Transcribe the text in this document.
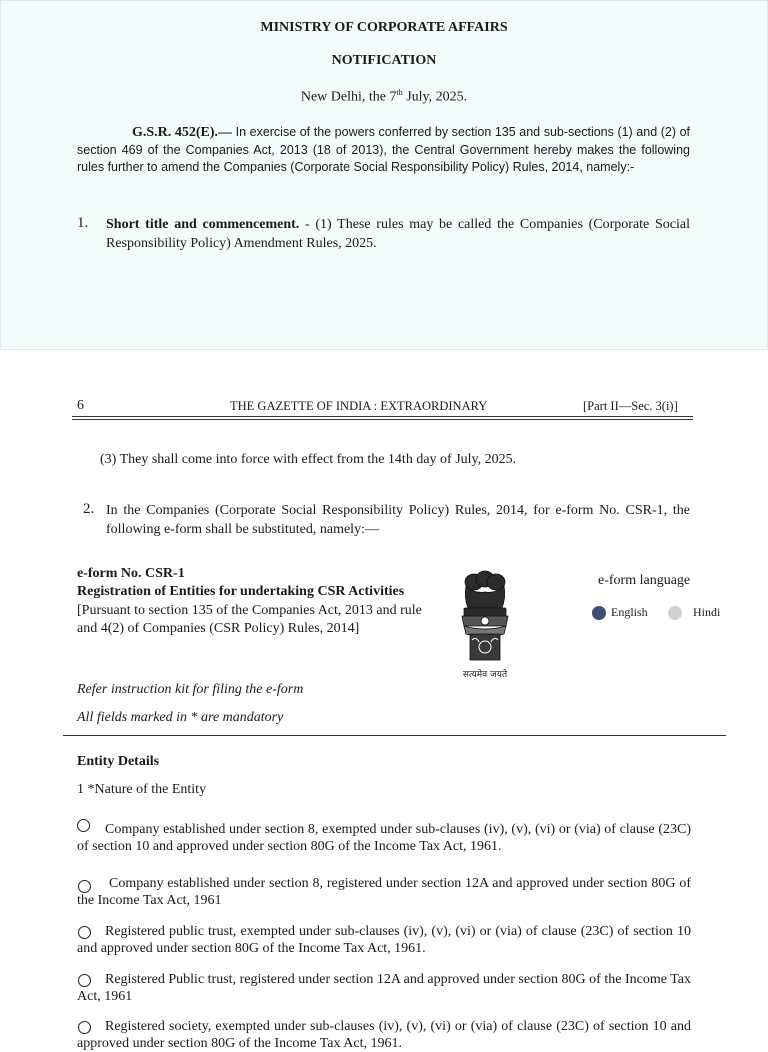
MINISTRY OF CORPORATE AFFAIRS
NOTIFICATION
New Delhi, the 7th July, 2025.
G.S.R. 452(E).— In exercise of the powers conferred by section 135 and sub-sections (1) and (2) of section 469 of the Companies Act, 2013 (18 of 2013), the Central Government hereby makes the following rules further to amend the Companies (Corporate Social Responsibility Policy) Rules, 2014, namely:-
1. Short title and commencement. - (1) These rules may be called the Companies (Corporate Social Responsibility Policy) Amendment Rules, 2025.
6	THE GAZETTE OF INDIA : EXTRAORDINARY	[Part II—Sec. 3(i)]
(3) They shall come into force with effect from the 14th day of July, 2025.
2. In the Companies (Corporate Social Responsibility Policy) Rules, 2014, for e-form No. CSR-1, the following e-form shall be substituted, namely:—
e-form No. CSR-1
Registration of Entities for undertaking CSR Activities
[Pursuant to section 135 of the Companies Act, 2013 and rule and 4(2) of Companies (CSR Policy) Rules, 2014]
सत्यमेव जयते
e-form language
English	Hindi
Refer instruction kit for filing the e-form
All fields marked in * are mandatory
Entity Details
1 *Nature of the Entity
Company established under section 8, exempted under sub-clauses (iv), (v), (vi) or (via) of clause (23C) of section 10 and approved under section 80G of the Income Tax Act, 1961.
Company established under section 8, registered under section 12A and approved under section 80G of the Income Tax Act, 1961
Registered public trust, exempted under sub-clauses (iv), (v), (vi) or (via) of clause (23C) of section 10 and approved under section 80G of the Income Tax Act, 1961.
Registered Public trust, registered under section 12A and approved under section 80G of the Income Tax Act, 1961
Registered society, exempted under sub-clauses (iv), (v), (vi) or (via) of clause (23C) of section 10 and approved under section 80G of the Income Tax Act, 1961.
